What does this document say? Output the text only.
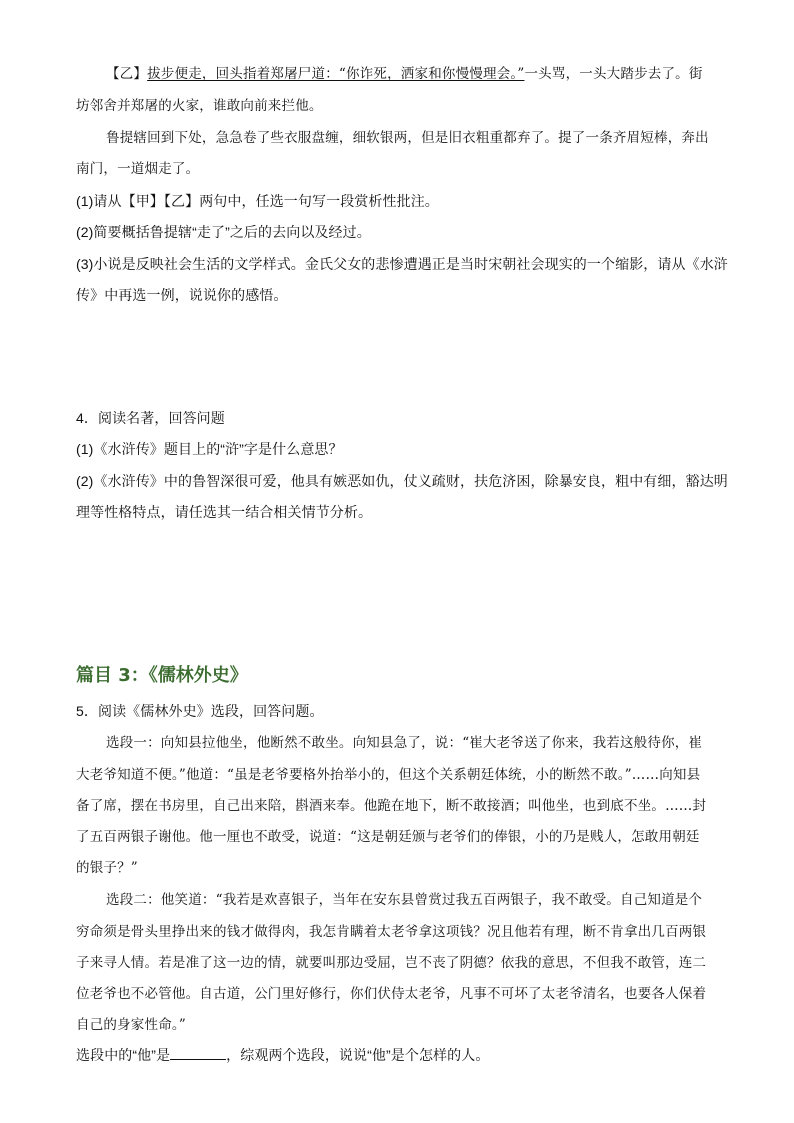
【乙】拔步便走，回头指着郑屠尸道：“你诈死，洒家和你慢慢理会。”一头骂，一头大踏步去了。街
坊邻舍并郑屠的火家，谁敢向前来拦他。
鲁提辖回到下处，急急卷了些衣服盘缠，细软银两，但是旧衣粗重都弃了。提了一条齐眉短棒，奔出
南门，一道烟走了。
(1)请从【甲】【乙】两句中，任选一句写一段赏析性批注。
(2)简要概括鲁提辖“走了”之后的去向以及经过。
(3)小说是反映社会生活的文学样式。金氏父女的悲惨遭遇正是当时宋朝社会现实的一个缩影，请从《水浒
传》中再选一例，说说你的感悟。
4．阅读名著，回答问题
(1)《水浒传》题目上的“浒”字是什么意思？
(2)《水浒传》中的鲁智深很可爱，他具有嫉恶如仇，仗义疏财，扶危济困，除暴安良，粗中有细，豁达明
理等性格特点，请任选其一结合相关情节分析。
篇目 3：《儒林外史》
5．阅读《儒林外史》选段，回答问题。
选段一：向知县拉他坐，他断然不敢坐。向知县急了，说：“崔大老爷送了你来，我若这般待你，崔
大老爷知道不便。”他道：“虽是老爷要格外抬举小的，但这个关系朝廷体统，小的断然不敢。”……向知县
备了席，摆在书房里，自己出来陪，斟酒来奉。他跪在地下，断不敢接酒；叫他坐，也到底不坐。……封
了五百两银子谢他。他一厘也不敢受，说道：“这是朝廷颁与老爷们的俸银，小的乃是贱人，怎敢用朝廷
的银子？”
选段二：他笑道：“我若是欢喜银子，当年在安东县曾赏过我五百两银子，我不敢受。自己知道是个
穷命须是骨头里挣出来的钱才做得肉，我怎肯瞒着太老爷拿这项钱？况且他若有理，断不肯拿出几百两银
子来寻人情。若是准了这一边的情，就要叫那边受屈，岂不丧了阴德？依我的意思，不但我不敢管，连二
位老爷也不必管他。自古道，公门里好修行，你们伏侍太老爷，凡事不可坏了太老爷清名，也要各人保着
自己的身家性命。”
选段中的“他”是	，综观两个选段，说说“他”是个怎样的人。
